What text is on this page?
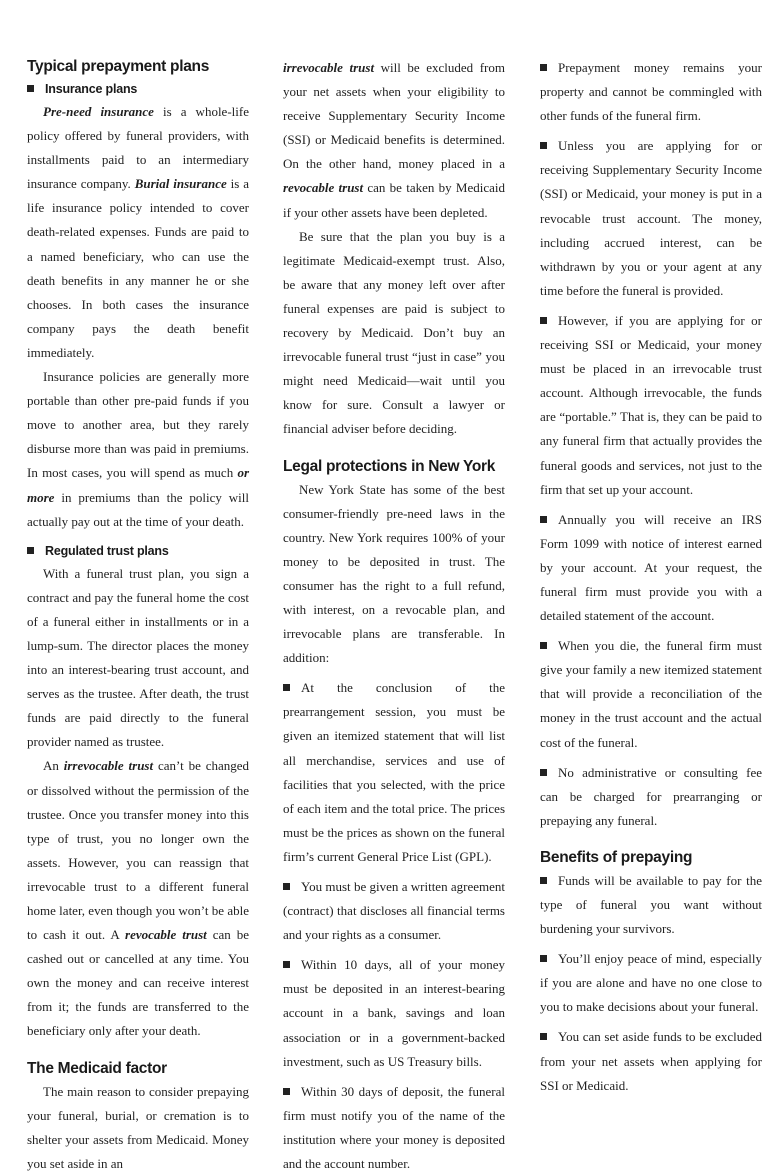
Typical prepayment plans
Insurance plans

Pre-need insurance is a whole-life policy offered by funeral providers, with installments paid to an intermediary insurance company. Burial insurance is a life insurance policy intended to cover death-related expenses. Funds are paid to a named beneficiary, who can use the death benefits in any manner he or she chooses. In both cases the insurance company pays the death benefit immediately.

Insurance policies are generally more portable than other pre-paid funds if you move to another area, but they rarely disburse more than was paid in premiums. In most cases, you will spend as much or more in premiums than the policy will actually pay out at the time of your death.

Regulated trust plans

With a funeral trust plan, you sign a contract and pay the funeral home the cost of a funeral either in installments or in a lump-sum. The director places the money into an interest-bearing trust account, and serves as the trustee. After death, the trust funds are paid directly to the funeral provider named as trustee.

An irrevocable trust can’t be changed or dissolved without the permission of the trustee. Once you transfer money into this type of trust, you no longer own the assets. However, you can reassign that irrevocable trust to a different funeral home later, even though you won’t be able to cash it out. A revocable trust can be cashed out or cancelled at any time. You own the money and can receive interest from it; the funds are transferred to the beneficiary only after your death.

The Medicaid factor

The main reason to consider prepaying your funeral, burial, or cremation is to shelter your assets from Medicaid. Money you set aside in an

irrevocable trust will be excluded from your net assets when your eligibility to receive Supplementary Security Income (SSI) or Medicaid benefits is determined. On the other hand, money placed in a revocable trust can be taken by Medicaid if your other assets have been depleted.

Be sure that the plan you buy is a legitimate Medicaid-exempt trust. Also, be aware that any money left over after funeral expenses are paid is subject to recovery by Medicaid. Don’t buy an irrevocable funeral trust “just in case” you might need Medicaid—wait until you know for sure. Consult a lawyer or financial adviser before deciding.

Legal protections in New York

New York State has some of the best consumer-friendly pre-need laws in the country. New York requires 100% of your money to be deposited in trust. The consumer has the right to a full refund, with interest, on a revocable plan, and irrevocable plans are transferable. In addition:

At the conclusion of the prearrangement session, you must be given an itemized statement that will list all merchandise, services and use of facilities that you selected, with the price of each item and the total price. The prices must be the prices as shown on the funeral firm’s current General Price List (GPL).

You must be given a written agreement (contract) that discloses all financial terms and your rights as a consumer.

Within 10 days, all of your money must be deposited in an interest-bearing account in a bank, savings and loan association or in a government-backed investment, such as US Treasury bills.

Within 30 days of deposit, the funeral firm must notify you of the name of the institution where your money is deposited and the account number.

Prepayment money remains your property and cannot be commingled with other funds of the funeral firm.

Unless you are applying for or receiving Supplementary Security Income (SSI) or Medicaid, your money is put in a revocable trust account. The money, including accrued interest, can be withdrawn by you or your agent at any time before the funeral is provided.

However, if you are applying for or receiving SSI or Medicaid, your money must be placed in an irrevocable trust account. Although irrevocable, the funds are “portable.” That is, they can be paid to any funeral firm that actually provides the funeral goods and services, not just to the firm that set up your account.

Annually you will receive an IRS Form 1099 with notice of interest earned by your account. At your request, the funeral firm must provide you with a detailed statement of the account.

When you die, the funeral firm must give your family a new itemized statement that will provide a reconciliation of the money in the trust account and the actual cost of the funeral.

No administrative or consulting fee can be charged for prearranging or prepaying any funeral.

Benefits of prepaying

Funds will be available to pay for the type of funeral you want without burdening your survivors.

You’ll enjoy peace of mind, especially if you are alone and have no one close to you to make decisions about your funeral.

You can set aside funds to be excluded from your net assets when applying for SSI or Medicaid.
